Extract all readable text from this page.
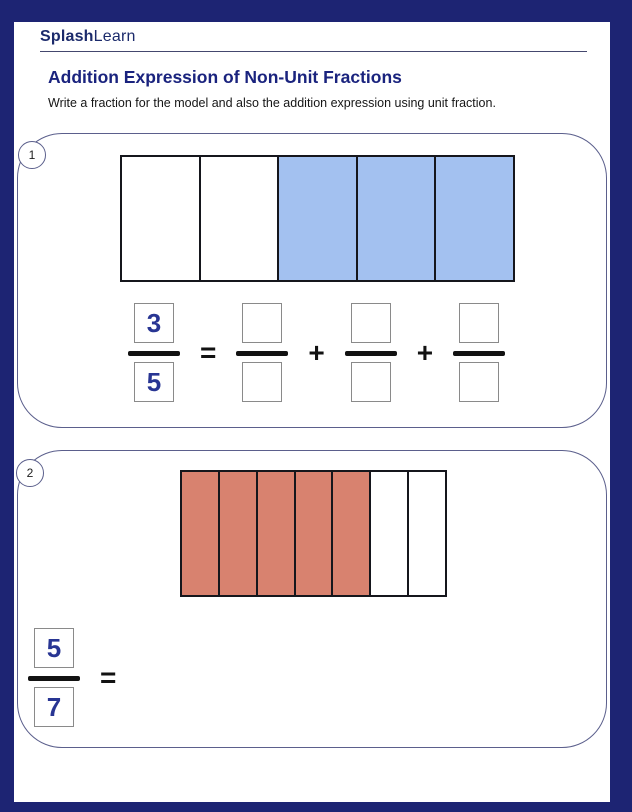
SplashLearn
Addition Expression of Non-Unit Fractions
Write a fraction for the model and also the addition expression using unit fraction.
1
$\frac{3}{5}$ =	+	+
2
$\frac{5}{7}$ =
